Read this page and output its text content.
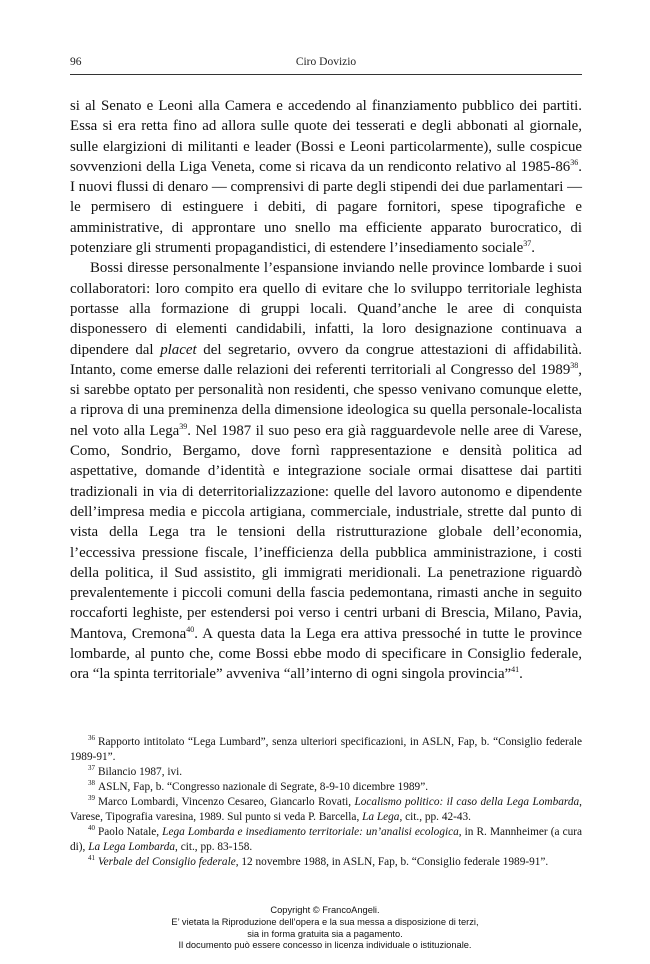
96	Ciro Dovizio

si al Senato e Leoni alla Camera e accedendo al finanziamento pubblico dei partiti. Essa si era retta fino ad allora sulle quote dei tesserati e degli abbonati al giornale, sulle elargizioni di militanti e leader (Bossi e Leoni particolarmente), sulle cospicue sovvenzioni della Liga Veneta, come si ricava da un rendiconto relativo al $1985-86^{36}$. I nuovi flussi di denaro — comprensivi di parte degli stipendi dei due parlamentari — le permisero di estinguere i debiti, di pagare fornitori, spese tipografiche e amministrative, di approntare uno snello ma efficiente apparato burocratico, di potenziare gli strumenti propagandistici, di estendere l’insediamento sociale$^{37}$.

Bossi diresse personalmente l’espansione inviando nelle province lombarde i suoi collaboratori: loro compito era quello di evitare che lo sviluppo territoriale leghista portasse alla formazione di gruppi locali. Quand’anche le aree di conquista disponessero di elementi candidabili, infatti, la loro designazione continuava a dipendere dal placet del segretario, ovvero da congrue attestazioni di affidabilità. Intanto, come emerse dalle relazioni dei referenti territoriali al Congresso del 1989$^{38}$, si sarebbe optato per personalità non residenti, che spesso venivano comunque elette, a riprova di una preminenza della dimensione ideologica su quella personale-localista nel voto alla Lega$^{39}$. Nel 1987 il suo peso era già ragguardevole nelle aree di Varese, Como, Sondrio, Bergamo, dove fornì rappresentazione e densità politica ad aspettative, domande d’identità e integrazione sociale ormai disattese dai partiti tradizionali in via di deterritorializzazione: quelle del lavoro autonomo e dipendente dell’impresa media e piccola artigiana, commerciale, industriale, strette dal punto di vista della Lega tra le tensioni della ristrutturazione globale dell’economia, l’eccessiva pressione fiscale, l’inefficienza della pubblica amministrazione, i costi della politica, il Sud assistito, gli immigrati meridionali. La penetrazione riguardò prevalentemente i piccoli comuni della fascia pedemontana, rimasti anche in seguito roccaforti leghiste, per estendersi poi verso i centri urbani di Brescia, Milano, Pavia, Mantova, Cremona$^{40}$. A questa data la Lega era attiva pressoché in tutte le province lombarde, al punto che, come Bossi ebbe modo di specificare in Consiglio federale, ora “la spinta territoriale” avveniva “all’interno di ogni singola provincia”$^{41}$.

$^{36}$ Rapporto intitolato “Lega Lumbard”, senza ulteriori specificazioni, in ASLN, Fap, b. “Consiglio federale 1989-91”.

$^{37}$ Bilancio 1987, ivi.

$^{38}$ ASLN, Fap, b. “Congresso nazionale di Segrate, 8-9-10 dicembre 1989”.

$^{39}$ Marco Lombardi, Vincenzo Cesareo, Giancarlo Rovati, Localismo politico: il caso della Lega Lombarda, Varese, Tipografia varesina, 1989. Sul punto si veda P. Barcella, La Lega, cit., pp. 42-43.

$^{40}$ Paolo Natale, Lega Lombarda e insediamento territoriale: un’analisi ecologica, in R. Mannheimer (a cura di), La Lega Lombarda, cit., pp. 83-158.

$^{41}$ Verbale del Consiglio federale, 12 novembre 1988, in ASLN, Fap, b. “Consiglio federale 1989-91”.

Copyright © FrancoAngeli.
E’ vietata la Riproduzione dell’opera e la sua messa a disposizione di terzi,
sia in forma gratuita sia a pagamento.
Il documento può essere concesso in licenza individuale o istituzionale.
